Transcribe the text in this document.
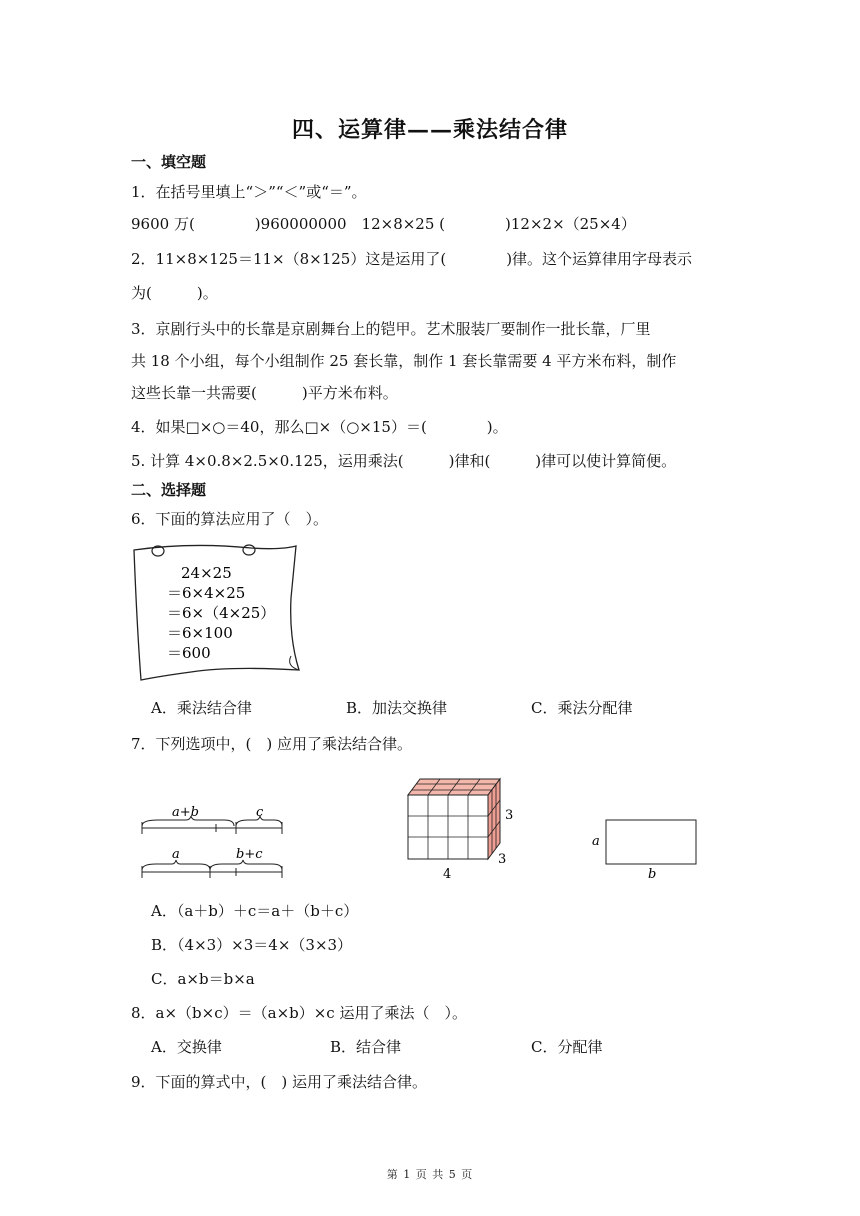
四、运算律——乘法结合律
一、填空题
1．在括号里填上“＞”“＜”或“＝”。
9600 万(　　　　)960000000　12×8×25 (　　　　)12×2×（25×4）
2．11×8×125＝11×（8×125）这是运用了(　　　　)律。这个运算律用字母表示
为(　　　)。
3．京剧行头中的长靠是京剧舞台上的铠甲。艺术服装厂要制作一批长靠，厂里
共 18 个小组，每个小组制作 25 套长靠，制作 1 套长靠需要 4 平方米布料，制作
这些长靠一共需要(　　　)平方米布料。
4．如果□×○＝40，那么□×（○×15）＝(　　　　)。
5. 计算 4×0.8×2.5×0.125，运用乘法(　　　)律和(　　　)律可以使计算简便。
二、选择题
6．下面的算法应用了（　）。
24×25
＝6×4×25
＝6×（4×25）
＝6×100
＝600
A．乘法结合律	B．加法交换律	C．乘法分配律
7．下列选项中，(　) 应用了乘法结合律。
a+b	c
a	b+c
3
3
4
a
b
A．（a＋b）＋c＝a＋（b＋c）
B．（4×3）×3＝4×（3×3）
C．a×b＝b×a
8．a×（b×c）＝（a×b）×c 运用了乘法（　）。
A．交换律	B．结合律	C．分配律
9．下面的算式中，(　) 运用了乘法结合律。
第 1 页 共 5 页
